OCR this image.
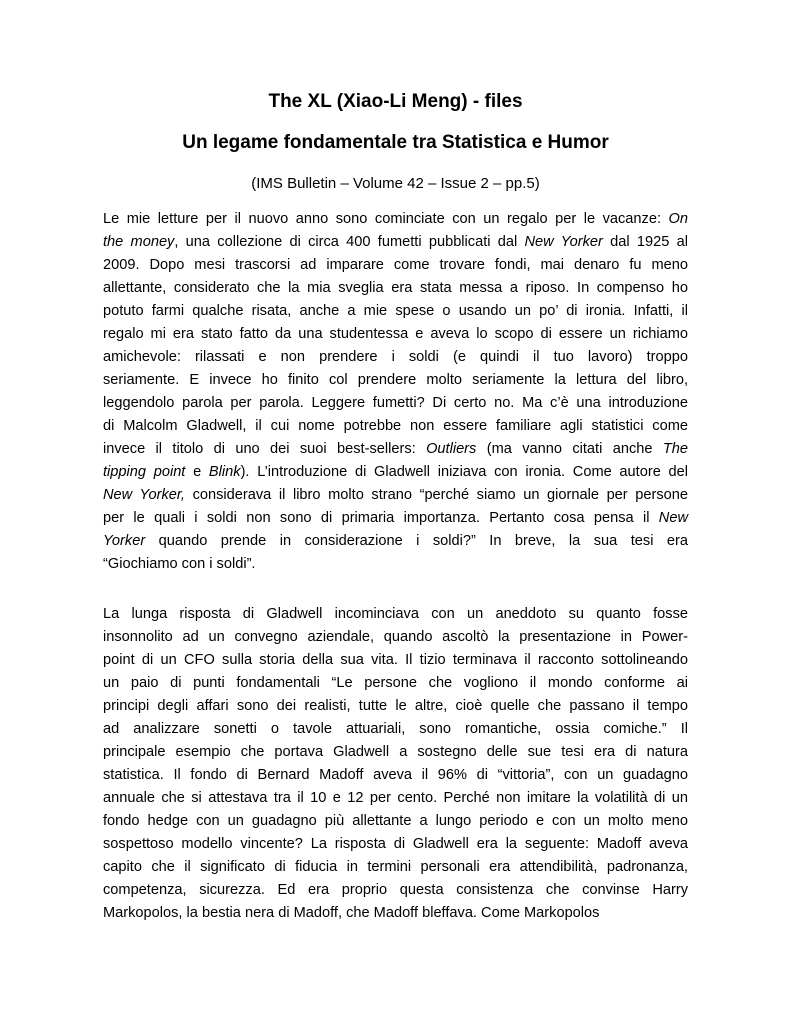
The XL (Xiao-Li Meng) - files
Un legame fondamentale tra Statistica e Humor

(IMS Bulletin – Volume 42 – Issue 2 – pp.5)

Le mie letture per il nuovo anno sono cominciate con un regalo per le vacanze: On
the money, una collezione di circa 400 fumetti pubblicati dal New Yorker dal 1925 al
2009. Dopo mesi trascorsi ad imparare come trovare fondi, mai denaro fu meno
allettante, considerato che la mia sveglia era stata messa a riposo. In compenso ho
potuto farmi qualche risata, anche a mie spese o usando un po’ di ironia. Infatti, il
regalo mi era stato fatto da una studentessa e aveva lo scopo di essere un richiamo
amichevole: rilassati e non prendere i soldi (e quindi il tuo lavoro) troppo
seriamente. E invece ho finito col prendere molto seriamente la lettura del libro,
leggendolo parola per parola. Leggere fumetti? Di certo no. Ma c’è una introduzione
di Malcolm Gladwell, il cui nome potrebbe non essere familiare agli statistici come
invece il titolo di uno dei suoi best-sellers: Outliers (ma vanno citati anche The
tipping point e Blink). L’introduzione di Gladwell iniziava con ironia. Come autore del
New Yorker, considerava il libro molto strano “perché siamo un giornale per persone
per le quali i soldi non sono di primaria importanza. Pertanto cosa pensa il New
Yorker quando prende in considerazione i soldi?” In breve, la sua tesi era
“Giochiamo con i soldi”.
La lunga risposta di Gladwell incominciava con un aneddoto su quanto fosse
insonnolito ad un convegno aziendale, quando ascoltò la presentazione in Power-
point di un CFO sulla storia della sua vita. Il tizio terminava il racconto sottolineando
un paio di punti fondamentali “Le persone che vogliono il mondo conforme ai
principi degli affari sono dei realisti, tutte le altre, cioè quelle che passano il tempo
ad analizzare sonetti o tavole attuariali, sono romantiche, ossia comiche.” Il
principale esempio che portava Gladwell a sostegno delle sue tesi era di natura
statistica. Il fondo di Bernard Madoff aveva il 96% di “vittoria”, con un guadagno
annuale che si attestava tra il 10 e 12 per cento. Perché non imitare la volatilità di un
fondo hedge con un guadagno più allettante a lungo periodo e con un molto meno
sospettoso modello vincente? La risposta di Gladwell era la seguente: Madoff aveva
capito che il significato di fiducia in termini personali era attendibilità, padronanza,
competenza, sicurezza. Ed era proprio questa consistenza che convinse Harry
Markopolos, la bestia nera di Madoff, che Madoff bleffava. Come Markopolos
